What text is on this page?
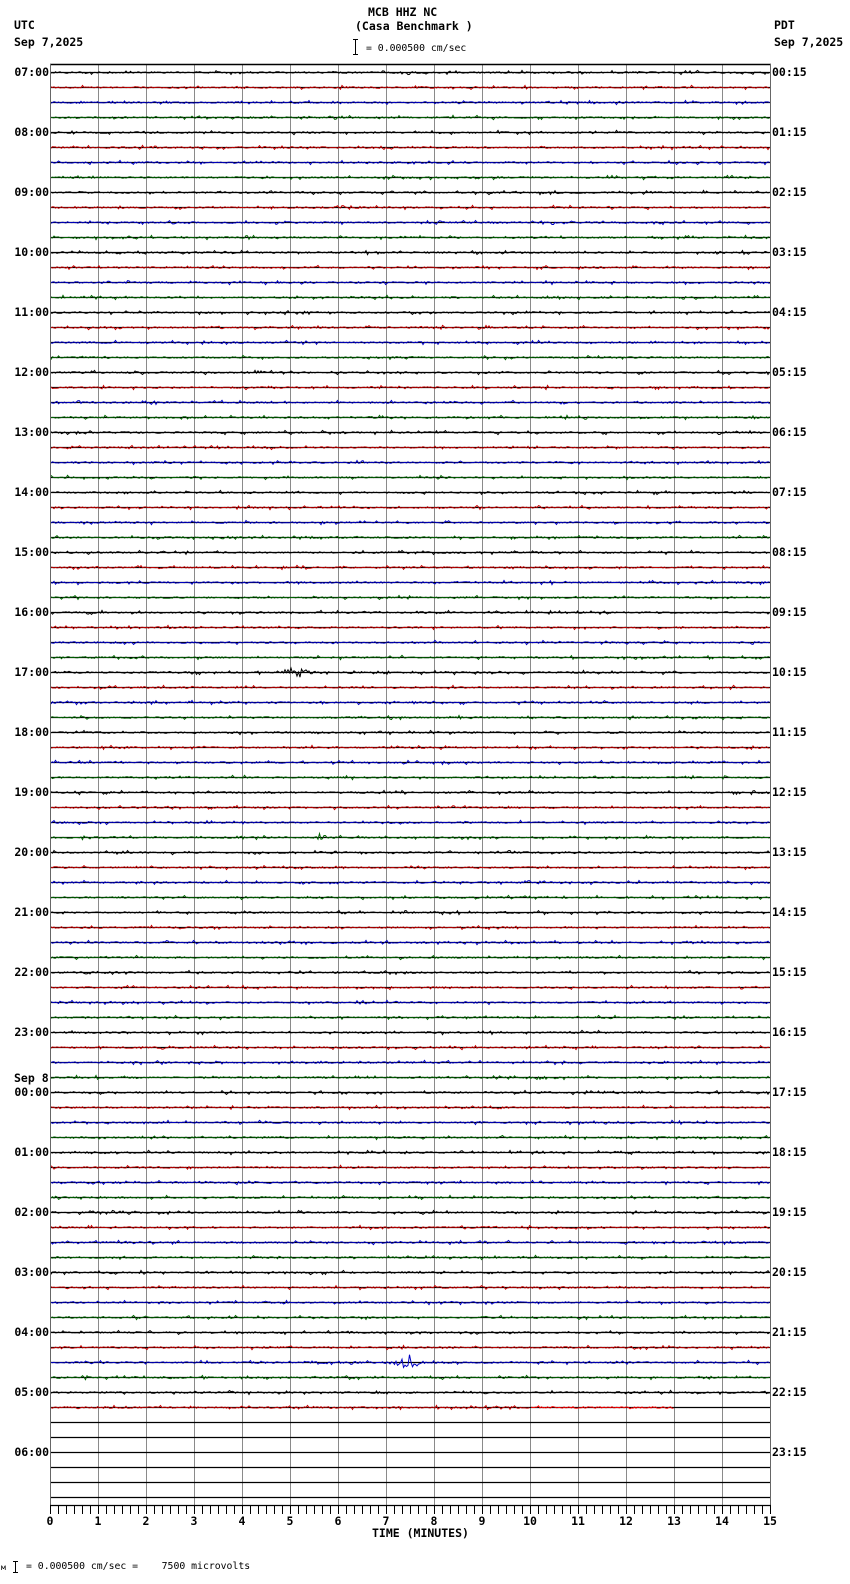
MCB HHZ NC
(Casa Benchmark )
= 0.000500 cm/sec
UTC
Sep 7,2025
PDT
Sep 7,2025
07:00
08:00
09:00
10:00
11:00
12:00
13:00
14:00
15:00
16:00
17:00
18:00
19:00
20:00
21:00
22:00
23:00
Sep 8
00:00
01:00
02:00
03:00
04:00
05:00
06:00
00:15
01:15
02:15
03:15
04:15
05:15
06:15
07:15
08:15
09:15
10:15
11:15
12:15
13:15
14:15
15:15
16:15
17:15
18:15
19:15
20:15
21:15
22:15
23:15
0	1	2	3	4	5	6	7	8	9	10	11	12	13	14	15
TIME (MINUTES)
м = 0.000500 cm/sec =    7500 microvolts
